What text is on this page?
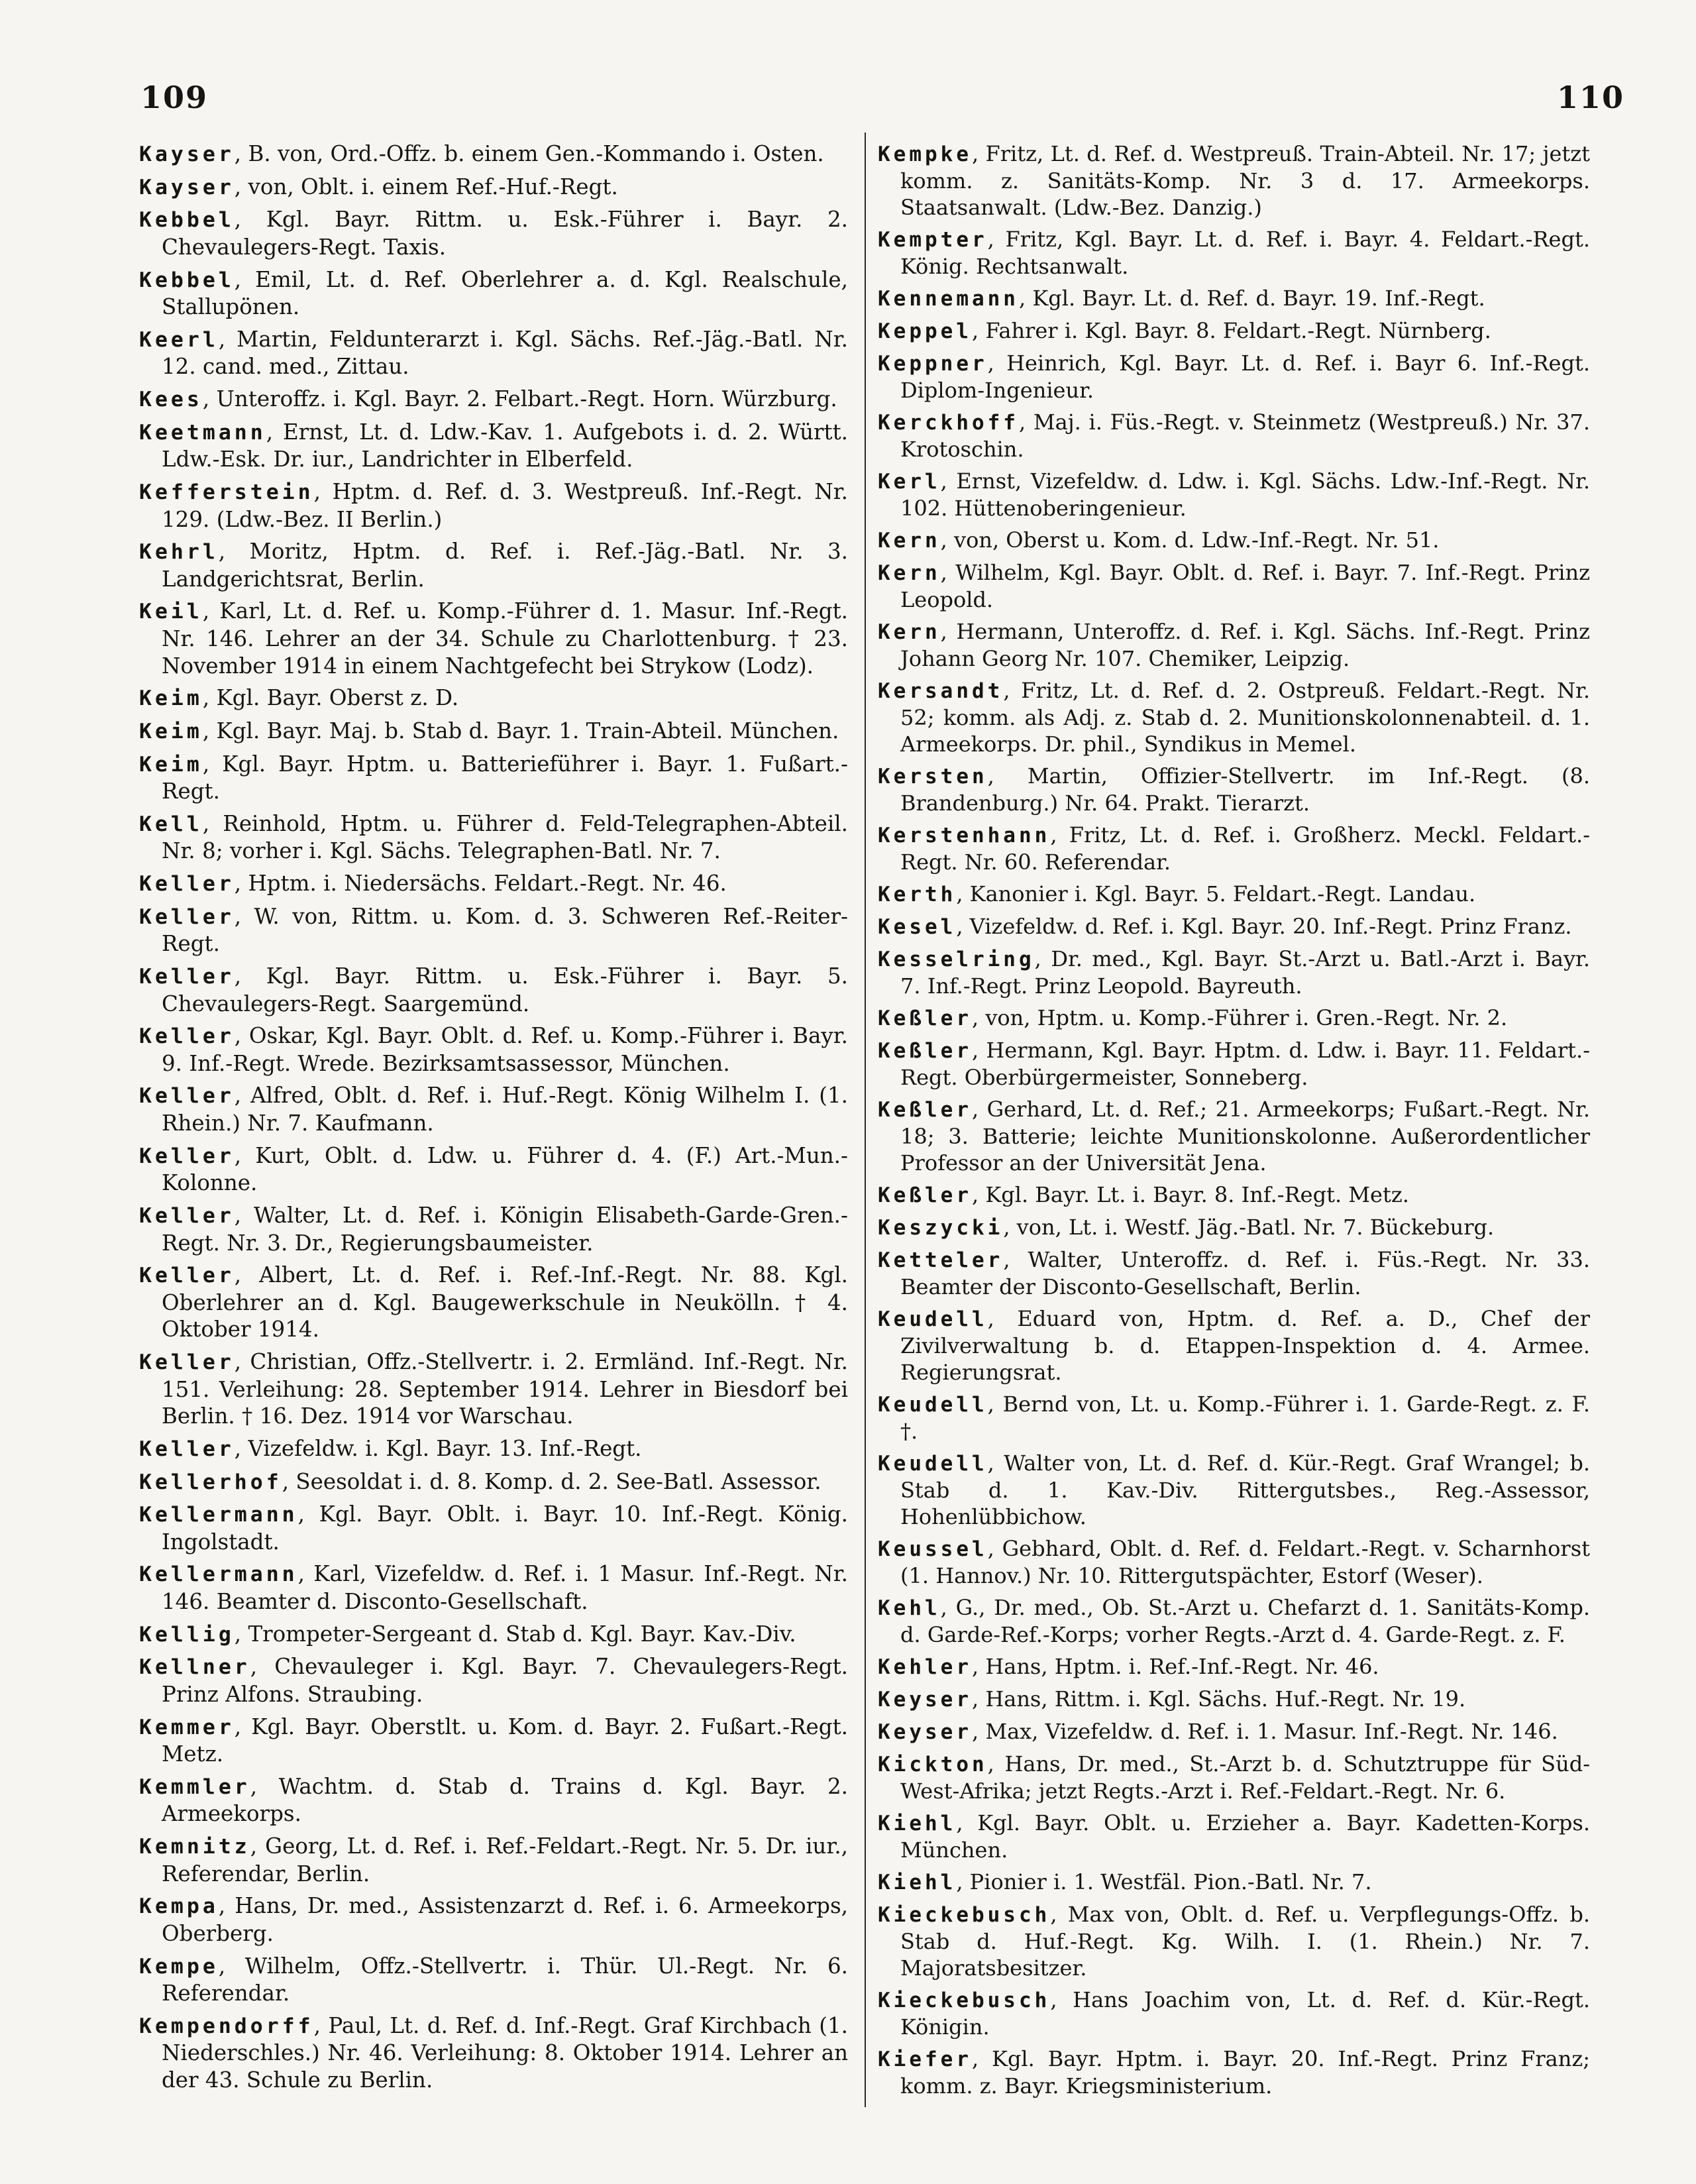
109	110
Kayser, B. von, Ord.-Offz. b. einem Gen.-Kommando i. Osten.
Kayser, von, Oblt. i. einem Ref.-Huf.-Regt.
Kebbel, Kgl. Bayr. Rittm. u. Esk.-Führer i. Bayr. 2. Chevaulegers-Regt. Taxis.
Kebbel, Emil, Lt. d. Ref. Oberlehrer a. d. Kgl. Realschule, Stallupönen.
Keerl, Martin, Feldunterarzt i. Kgl. Sächs. Ref.-Jäg.-Batl. Nr. 12. cand. med., Zittau.
Kees, Unteroffz. i. Kgl. Bayr. 2. Felbart.-Regt. Horn. Würzburg.
Keetmann, Ernst, Lt. d. Ldw.-Kav. 1. Aufgebots i. d. 2. Württ. Ldw.-Esk. Dr. iur., Landrichter in Elberfeld.
Kefferstein, Hptm. d. Ref. d. 3. Westpreuß. Inf.-Regt. Nr. 129. (Ldw.-Bez. II Berlin.)
Kehrl, Moritz, Hptm. d. Ref. i. Ref.-Jäg.-Batl. Nr. 3. Landgerichtsrat, Berlin.
Keil, Karl, Lt. d. Ref. u. Komp.-Führer d. 1. Masur. Inf.-Regt. Nr. 146. Lehrer an der 34. Schule zu Charlottenburg. † 23. November 1914 in einem Nachtgefecht bei Strykow (Lodz).
Keim, Kgl. Bayr. Oberst z. D.
Keim, Kgl. Bayr. Maj. b. Stab d. Bayr. 1. Train-Abteil. München.
Keim, Kgl. Bayr. Hptm. u. Batterieführer i. Bayr. 1. Fußart.-Regt.
Kell, Reinhold, Hptm. u. Führer d. Feld-Telegraphen-Abteil. Nr. 8; vorher i. Kgl. Sächs. Telegraphen-Batl. Nr. 7.
Keller, Hptm. i. Niedersächs. Feldart.-Regt. Nr. 46.
Keller, W. von, Rittm. u. Kom. d. 3. Schweren Ref.-Reiter-Regt.
Keller, Kgl. Bayr. Rittm. u. Esk.-Führer i. Bayr. 5. Chevaulegers-Regt. Saargemünd.
Keller, Oskar, Kgl. Bayr. Oblt. d. Ref. u. Komp.-Führer i. Bayr. 9. Inf.-Regt. Wrede. Bezirksamtsassessor, München.
Keller, Alfred, Oblt. d. Ref. i. Huf.-Regt. König Wilhelm I. (1. Rhein.) Nr. 7. Kaufmann.
Keller, Kurt, Oblt. d. Ldw. u. Führer d. 4. (F.) Art.-Mun.-Kolonne.
Keller, Walter, Lt. d. Ref. i. Königin Elisabeth-Garde-Gren.-Regt. Nr. 3. Dr., Regierungsbaumeister.
Keller, Albert, Lt. d. Ref. i. Ref.-Inf.-Regt. Nr. 88. Kgl. Oberlehrer an d. Kgl. Baugewerkschule in Neukölln. † 4. Oktober 1914.
Keller, Christian, Offz.-Stellvertr. i. 2. Ermländ. Inf.-Regt. Nr. 151. Verleihung: 28. September 1914. Lehrer in Biesdorf bei Berlin. † 16. Dez. 1914 vor Warschau.
Keller, Vizefeldw. i. Kgl. Bayr. 13. Inf.-Regt.
Kellerhof, Seesoldat i. d. 8. Komp. d. 2. See-Batl. Assessor.
Kellermann, Kgl. Bayr. Oblt. i. Bayr. 10. Inf.-Regt. König. Ingolstadt.
Kellermann, Karl, Vizefeldw. d. Ref. i. 1 Masur. Inf.-Regt. Nr. 146. Beamter d. Disconto-Gesellschaft.
Kellig, Trompeter-Sergeant d. Stab d. Kgl. Bayr. Kav.-Div.
Kellner, Chevauleger i. Kgl. Bayr. 7. Chevaulegers-Regt. Prinz Alfons. Straubing.
Kemmer, Kgl. Bayr. Oberstlt. u. Kom. d. Bayr. 2. Fußart.-Regt. Metz.
Kemmler, Wachtm. d. Stab d. Trains d. Kgl. Bayr. 2. Armeekorps.
Kemnitz, Georg, Lt. d. Ref. i. Ref.-Feldart.-Regt. Nr. 5. Dr. iur., Referendar, Berlin.
Kempa, Hans, Dr. med., Assistenzarzt d. Ref. i. 6. Armeekorps, Oberberg.
Kempe, Wilhelm, Offz.-Stellvertr. i. Thür. Ul.-Regt. Nr. 6. Referendar.
Kempendorff, Paul, Lt. d. Ref. d. Inf.-Regt. Graf Kirchbach (1. Niederschles.) Nr. 46. Verleihung: 8. Oktober 1914. Lehrer an der 43. Schule zu Berlin.
Kempke, Fritz, Lt. d. Ref. d. Westpreuß. Train-Abteil. Nr. 17; jetzt komm. z. Sanitäts-Komp. Nr. 3 d. 17. Armeekorps. Staatsanwalt. (Ldw.-Bez. Danzig.)
Kempter, Fritz, Kgl. Bayr. Lt. d. Ref. i. Bayr. 4. Feldart.-Regt. König. Rechtsanwalt.
Kennemann, Kgl. Bayr. Lt. d. Ref. d. Bayr. 19. Inf.-Regt.
Keppel, Fahrer i. Kgl. Bayr. 8. Feldart.-Regt. Nürnberg.
Keppner, Heinrich, Kgl. Bayr. Lt. d. Ref. i. Bayr 6. Inf.-Regt. Diplom-Ingenieur.
Kerckhoff, Maj. i. Füs.-Regt. v. Steinmetz (Westpreuß.) Nr. 37. Krotoschin.
Kerl, Ernst, Vizefeldw. d. Ldw. i. Kgl. Sächs. Ldw.-Inf.-Regt. Nr. 102. Hüttenoberingenieur.
Kern, von, Oberst u. Kom. d. Ldw.-Inf.-Regt. Nr. 51.
Kern, Wilhelm, Kgl. Bayr. Oblt. d. Ref. i. Bayr. 7. Inf.-Regt. Prinz Leopold.
Kern, Hermann, Unteroffz. d. Ref. i. Kgl. Sächs. Inf.-Regt. Prinz Johann Georg Nr. 107. Chemiker, Leipzig.
Kersandt, Fritz, Lt. d. Ref. d. 2. Ostpreuß. Feldart.-Regt. Nr. 52; komm. als Adj. z. Stab d. 2. Munitionskolonnenabteil. d. 1. Armeekorps. Dr. phil., Syndikus in Memel.
Kersten, Martin, Offizier-Stellvertr. im Inf.-Regt. (8. Brandenburg.) Nr. 64. Prakt. Tierarzt.
Kerstenhann, Fritz, Lt. d. Ref. i. Großherz. Meckl. Feldart.-Regt. Nr. 60. Referendar.
Kerth, Kanonier i. Kgl. Bayr. 5. Feldart.-Regt. Landau.
Kesel, Vizefeldw. d. Ref. i. Kgl. Bayr. 20. Inf.-Regt. Prinz Franz.
Kesselring, Dr. med., Kgl. Bayr. St.-Arzt u. Batl.-Arzt i. Bayr. 7. Inf.-Regt. Prinz Leopold. Bayreuth.
Keßler, von, Hptm. u. Komp.-Führer i. Gren.-Regt. Nr. 2.
Keßler, Hermann, Kgl. Bayr. Hptm. d. Ldw. i. Bayr. 11. Feldart.-Regt. Oberbürgermeister, Sonneberg.
Keßler, Gerhard, Lt. d. Ref.; 21. Armeekorps; Fußart.-Regt. Nr. 18; 3. Batterie; leichte Munitionskolonne. Außerordentlicher Professor an der Universität Jena.
Keßler, Kgl. Bayr. Lt. i. Bayr. 8. Inf.-Regt. Metz.
Keszycki, von, Lt. i. Westf. Jäg.-Batl. Nr. 7. Bückeburg.
Ketteler, Walter, Unteroffz. d. Ref. i. Füs.-Regt. Nr. 33. Beamter der Disconto-Gesellschaft, Berlin.
Keudell, Eduard von, Hptm. d. Ref. a. D., Chef der Zivilverwaltung b. d. Etappen-Inspektion d. 4. Armee. Regierungsrat.
Keudell, Bernd von, Lt. u. Komp.-Führer i. 1. Garde-Regt. z. F. †.
Keudell, Walter von, Lt. d. Ref. d. Kür.-Regt. Graf Wrangel; b. Stab d. 1. Kav.-Div. Rittergutsbes., Reg.-Assessor, Hohenlübbichow.
Keussel, Gebhard, Oblt. d. Ref. d. Feldart.-Regt. v. Scharnhorst (1. Hannov.) Nr. 10. Rittergutspächter, Estorf (Weser).
Kehl, G., Dr. med., Ob. St.-Arzt u. Chefarzt d. 1. Sanitäts-Komp. d. Garde-Ref.-Korps; vorher Regts.-Arzt d. 4. Garde-Regt. z. F.
Kehler, Hans, Hptm. i. Ref.-Inf.-Regt. Nr. 46.
Keyser, Hans, Rittm. i. Kgl. Sächs. Huf.-Regt. Nr. 19.
Keyser, Max, Vizefeldw. d. Ref. i. 1. Masur. Inf.-Regt. Nr. 146.
Kickton, Hans, Dr. med., St.-Arzt b. d. Schutztruppe für Süd-West-Afrika; jetzt Regts.-Arzt i. Ref.-Feldart.-Regt. Nr. 6.
Kiehl, Kgl. Bayr. Oblt. u. Erzieher a. Bayr. Kadetten-Korps. München.
Kiehl, Pionier i. 1. Westfäl. Pion.-Batl. Nr. 7.
Kieckebusch, Max von, Oblt. d. Ref. u. Verpflegungs-Offz. b. Stab d. Huf.-Regt. Kg. Wilh. I. (1. Rhein.) Nr. 7. Majoratsbesitzer.
Kieckebusch, Hans Joachim von, Lt. d. Ref. d. Kür.-Regt. Königin.
Kiefer, Kgl. Bayr. Hptm. i. Bayr. 20. Inf.-Regt. Prinz Franz; komm. z. Bayr. Kriegsministerium.
